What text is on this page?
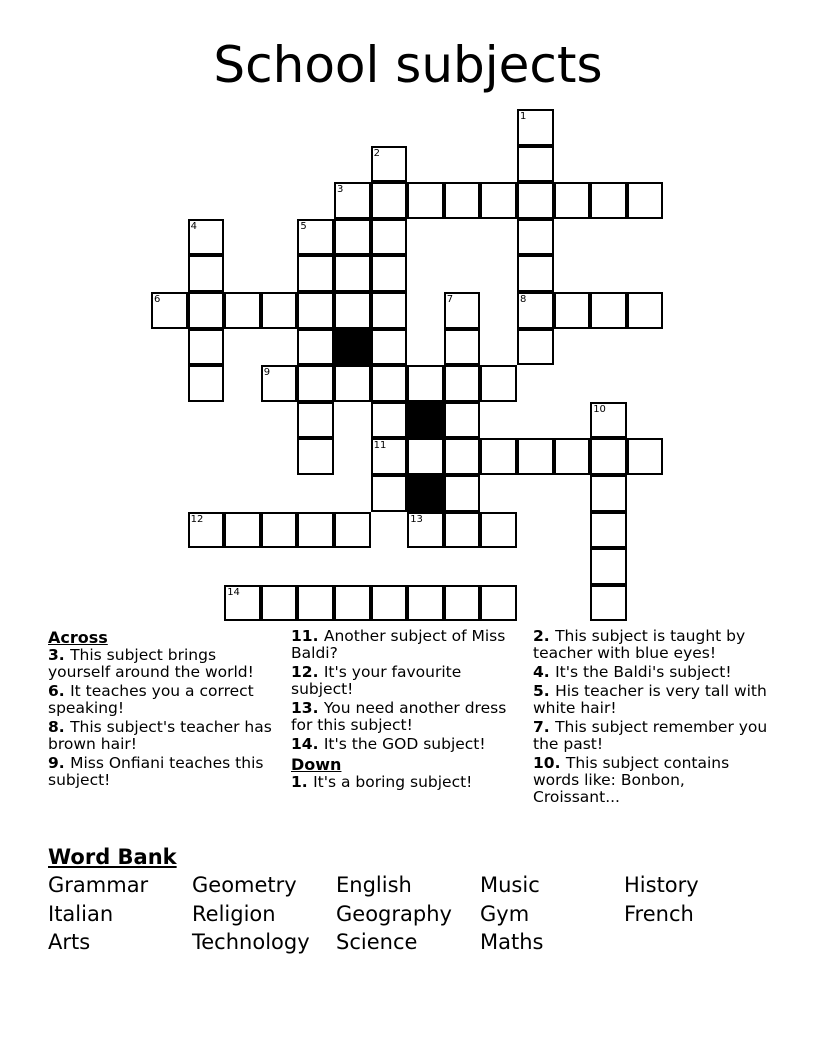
School subjects
1
2
3
4	5
6	7	8
9
10
11
12	13
14
Across
3. This subject brings yourself around the world!
6. It teaches you a correct speaking!
8. This subject's teacher has brown hair!
9. Miss Onfiani teaches this subject!
11. Another subject of Miss Baldi?
12. It's your favourite subject!
13. You need another dress for this subject!
14. It's the GOD subject!
Down
1. It's a boring subject!
2. This subject is taught by teacher with blue eyes!
4. It's the Baldi's subject!
5. His teacher is very tall with white hair!
7. This subject remember you the past!
10. This subject contains words like: Bonbon, Croissant...
Word Bank
Grammar	Geometry	English	Music	History
Italian	Religion	Geography	Gym	French
Arts	Technology	Science	Maths
